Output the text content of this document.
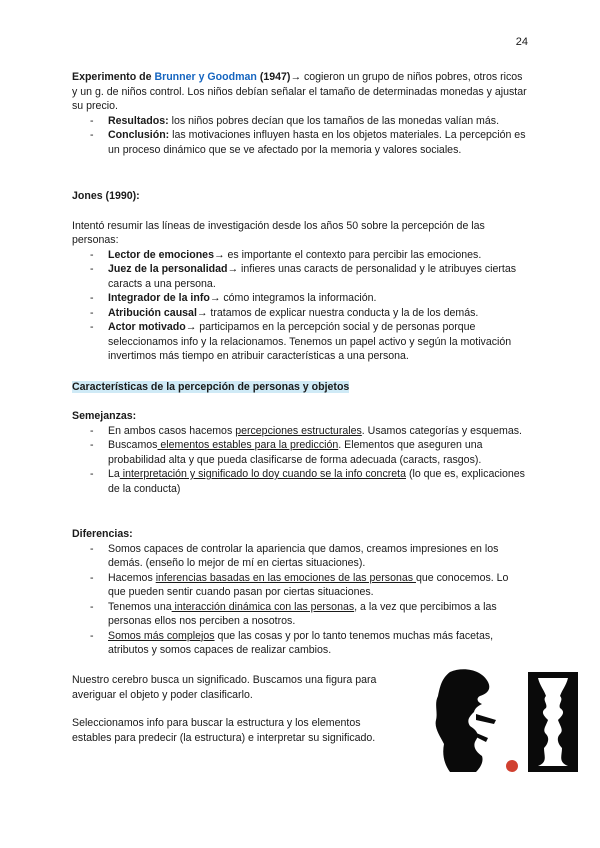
24

Experimento de Brunner y Goodman (1947)→ cogieron un grupo de niños pobres, otros ricos y un g. de niños control. Los niños debían señalar el tamaño de determinadas monedas y ajustar su precio.

- Resultados: los niños pobres decían que los tamaños de las monedas valían más.
- Conclusión: las motivaciones influyen hasta en los objetos materiales. La percepción es un proceso dinámico que se ve afectado por la memoria y valores sociales.

Jones (1990):

Intentó resumir las líneas de investigación desde los años 50 sobre la percepción de las personas:

- Lector de emociones→ es importante el contexto para percibir las emociones.
- Juez de la personalidad→ infieres unas caracts de personalidad y le atribuyes ciertas caracts a una persona.
- Integrador de la info→ cómo integramos la información.
- Atribución causal→ tratamos de explicar nuestra conducta y la de los demás.
- Actor motivado→ participamos en la percepción social y de personas porque seleccionamos info y la relacionamos. Tenemos un papel activo y según la motivación invertimos más tiempo en atribuir características a una persona.
Características de la percepción de personas y objetos

Semejanzas:

- En ambos casos hacemos percepciones estructurales. Usamos categorías y esquemas.
- Buscamos elementos estables para la predicción. Elementos que aseguren una probabilidad alta y que pueda clasificarse de forma adecuada (caracts, rasgos).
- La interpretación y significado lo doy cuando se la info concreta (lo que es, explicaciones de la conducta)

Diferencias:

- Somos capaces de controlar la apariencia que damos, creamos impresiones en los demás. (enseño lo mejor de mí en ciertas situaciones).
- Hacemos inferencias basadas en las emociones de las personas que conocemos. Lo que pueden sentir cuando pasan por ciertas situaciones.
- Tenemos una interacción dinámica con las personas, a la vez que percibimos a las personas ellos nos perciben a nosotros.
- Somos más complejos que las cosas y por lo tanto tenemos muchas más facetas, atributos y somos capaces de realizar cambios.

Nuestro cerebro busca un significado. Buscamos una figura para averiguar el objeto y poder clasificarlo.

Seleccionamos info para buscar la estructura y los elementos estables para predecir (la estructura) e interpretar su significado.
